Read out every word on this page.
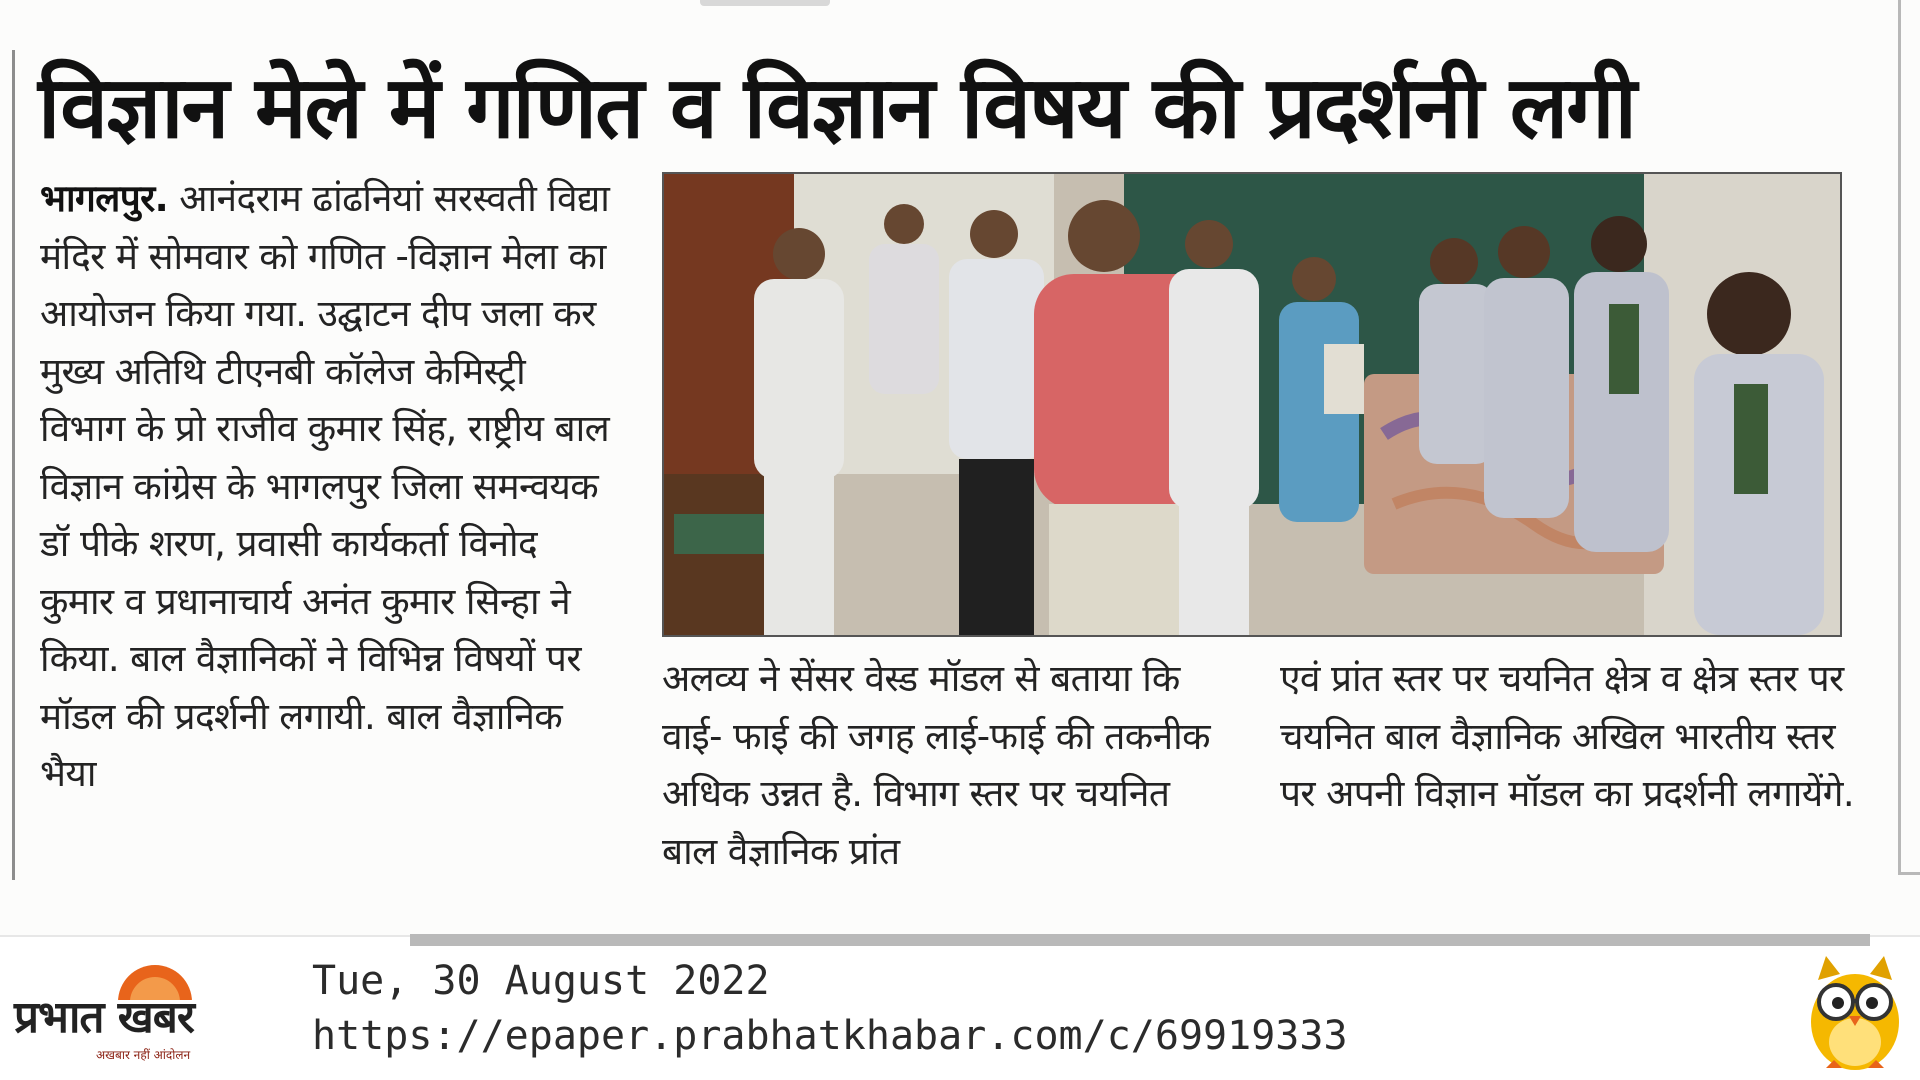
विज्ञान मेले में गणित व विज्ञान विषय की प्रदर्शनी लगी

भागलपुर. आनंदराम ढांढनियां सरस्वती विद्या मंदिर में सोमवार को गणित -विज्ञान मेला का आयोजन किया गया. उद्घाटन दीप जला कर मुख्य अतिथि टीएनबी कॉलेज केमिस्ट्री विभाग के प्रो राजीव कुमार सिंह, राष्ट्रीय बाल विज्ञान कांग्रेस के भागलपुर जिला समन्वयक डॉ पीके शरण, प्रवासी कार्यकर्ता विनोद कुमार व प्रधानाचार्य अनंत कुमार सिन्हा ने किया. बाल वैज्ञानिकों ने विभिन्न विषयों पर मॉडल की प्रदर्शनी लगायी. बाल वैज्ञानिक भैया

अलव्य ने सेंसर वेस्ड मॉडल से बताया कि वाई- फाई की जगह लाई-फाई की तकनीक अधिक उन्नत है. विभाग स्तर पर चयनित बाल वैज्ञानिक प्रांत

एवं प्रांत स्तर पर चयनित क्षेत्र व क्षेत्र स्तर पर चयनित बाल वैज्ञानिक अखिल भारतीय स्तर पर अपनी विज्ञान मॉडल का प्रदर्शनी लगायेंगे.

प्रभात खबर
अखबार नहीं आंदोलन
Tue, 30 August 2022
https://epaper.prabhatkhabar.com/c/69919333
